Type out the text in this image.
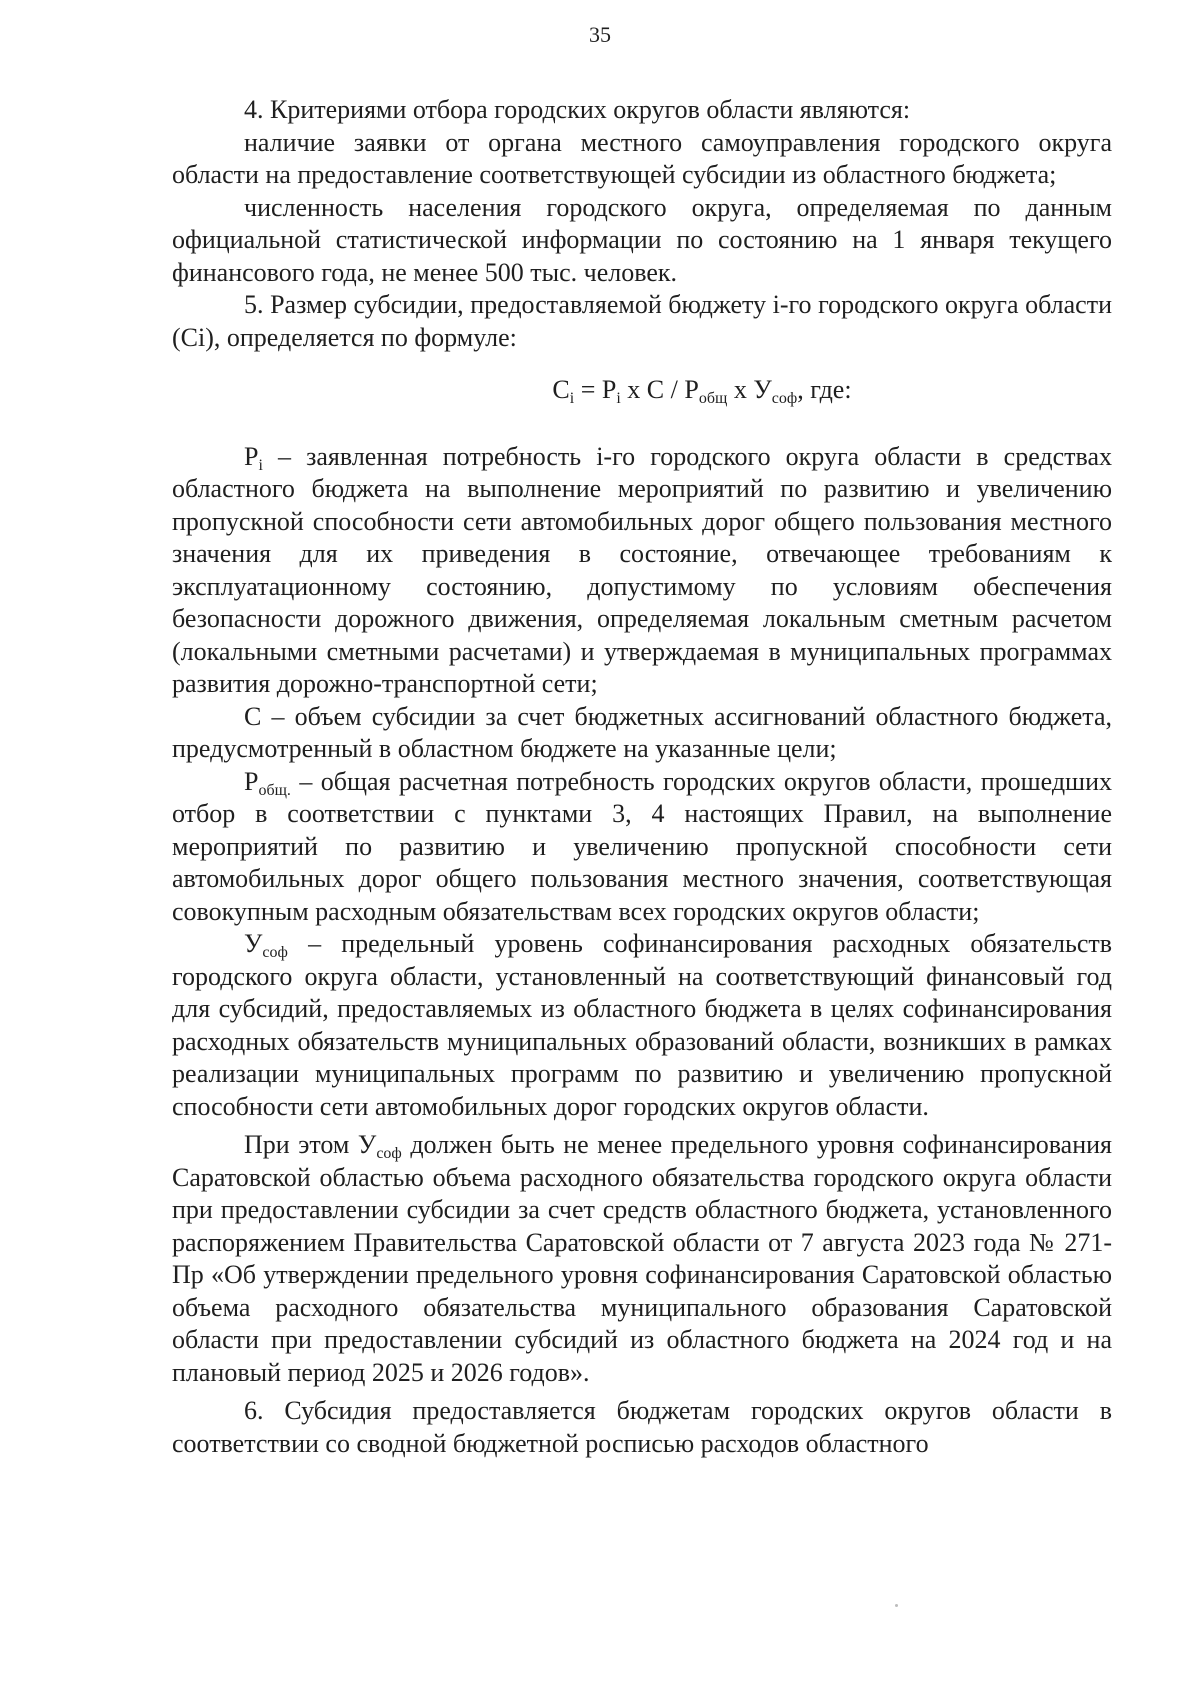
35

4. Критериями отбора городских округов области являются:

наличие заявки от органа местного самоуправления городского округа области на предоставление соответствующей субсидии из областного бюджета;

численность населения городского округа, определяемая по данным официальной статистической информации по состоянию на 1 января текущего финансового года, не менее 500 тыс. человек.

5. Размер субсидии, предоставляемой бюджету i-го городского округа области (Ci), определяется по формуле:

$C_i = P_i$ x C / $P_{общ}$ x $У_{соф}$, где:

$P_i$ – заявленная потребность i-го городского округа области в средствах областного бюджета на выполнение мероприятий по развитию и увеличению пропускной способности сети автомобильных дорог общего пользования местного значения для их приведения в состояние, отвечающее требованиям к эксплуатационному состоянию, допустимому по условиям обеспечения безопасности дорожного движения, определяемая локальным сметным расчетом (локальными сметными расчетами) и утверждаемая в муниципальных программах развития дорожно-транспортной сети;

C – объем субсидии за счет бюджетных ассигнований областного бюджета, предусмотренный в областном бюджете на указанные цели;

$P_{общ.}$ – общая расчетная потребность городских округов области, прошедших отбор в соответствии с пунктами 3, 4 настоящих Правил, на выполнение мероприятий по развитию и увеличению пропускной способности сети автомобильных дорог общего пользования местного значения, соответствующая совокупным расходным обязательствам всех городских округов области;

$У_{соф}$ – предельный уровень софинансирования расходных обязательств городского округа области, установленный на соответствующий финансовый год для субсидий, предоставляемых из областного бюджета в целях софинансирования расходных обязательств муниципальных образований области, возникших в рамках реализации муниципальных программ по развитию и увеличению пропускной способности сети автомобильных дорог городских округов области.

При этом $У_{соф}$ должен быть не менее предельного уровня софинансирования Саратовской областью объема расходного обязательства городского округа области при предоставлении субсидии за счет средств областного бюджета, установленного распоряжением Правительства Саратовской области от 7 августа 2023 года № 271-Пр «Об утверждении предельного уровня софинансирования Саратовской областью объема расходного обязательства муниципального образования Саратовской области при предоставлении субсидий из областного бюджета на 2024 год и на плановый период 2025 и 2026 годов».

6. Субсидия предоставляется бюджетам городских округов области в соответствии со сводной бюджетной росписью расходов областного
